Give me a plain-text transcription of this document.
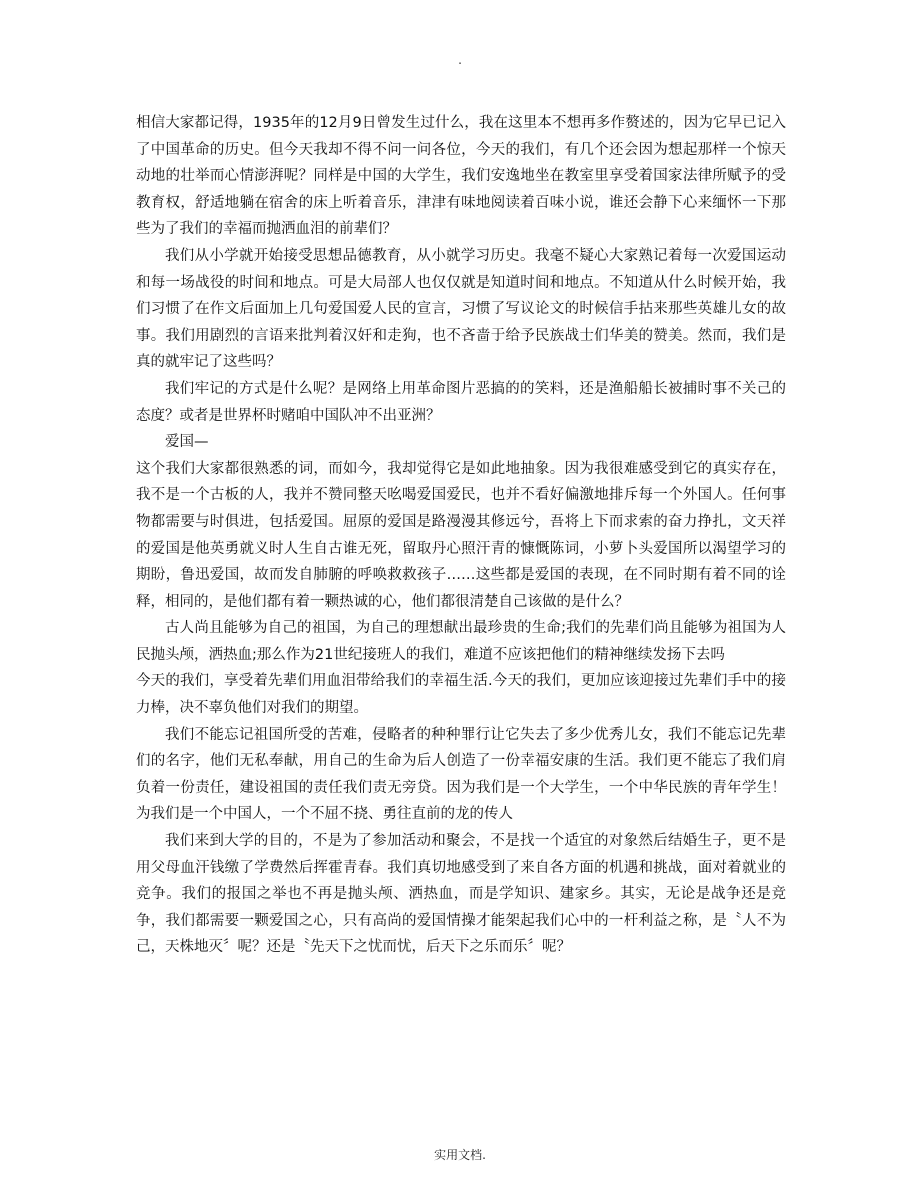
.

相信大家都记得，1935年的12月9日曾发生过什么，我在这里本不想再多作赘述的，因为它早已记入了中国革命的历史。但今天我却不得不问一问各位，今天的我们，有几个还会因为想起那样一个惊天动地的壮举而心情澎湃呢？同样是中国的大学生，我们安逸地坐在教室里享受着国家法律所赋予的受教育权，舒适地躺在宿舍的床上听着音乐，津津有味地阅读着百味小说，谁还会静下心来缅怀一下那些为了我们的幸福而抛洒血泪的前辈们？

我们从小学就开始接受思想品德教育，从小就学习历史。我毫不疑心大家熟记着每一次爱国运动和每一场战役的时间和地点。可是大局部人也仅仅就是知道时间和地点。不知道从什么时候开始，我们习惯了在作文后面加上几句爱国爱人民的宣言，习惯了写议论文的时候信手拈来那些英雄儿女的故事。我们用剧烈的言语来批判着汉奸和走狗，也不吝啬于给予民族战士们华美的赞美。然而，我们是真的就牢记了这些吗？

我们牢记的方式是什么呢？是网络上用革命图片恶搞的的笑料，还是渔船船长被捕时事不关己的态度？或者是世界杯时赌咱中国队冲不出亚洲？

爱国—

这个我们大家都很熟悉的词，而如今，我却觉得它是如此地抽象。因为我很难感受到它的真实存在，我不是一个古板的人，我并不赞同整天吆喝爱国爱民，也并不看好偏激地排斥每一个外国人。任何事物都需要与时俱进，包括爱国。屈原的爱国是路漫漫其修远兮，吾将上下而求索的奋力挣扎，文天祥的爱国是他英勇就义时人生自古谁无死，留取丹心照汗青的慷慨陈词，小萝卜头爱国所以渴望学习的期盼，鲁迅爱国，故而发自肺腑的呼唤救救孩子……这些都是爱国的表现，在不同时期有着不同的诠释，相同的，是他们都有着一颗热诚的心，他们都很清楚自己该做的是什么？

古人尚且能够为自己的祖国，为自己的理想献出最珍贵的生命;我们的先辈们尚且能够为祖国为人民抛头颅，洒热血;那么作为21世纪接班人的我们，难道不应该把他们的精神继续发扬下去吗

今天的我们，享受着先辈们用血泪带给我们的幸福生活.今天的我们，更加应该迎接过先辈们手中的接力棒，决不辜负他们对我们的期望。

我们不能忘记祖国所受的苦难，侵略者的种种罪行让它失去了多少优秀儿女，我们不能忘记先辈们的名字，他们无私奉献，用自己的生命为后人创造了一份幸福安康的生活。我们更不能忘了我们肩负着一份责任，建设祖国的责任我们责无旁贷。因为我们是一个大学生，一个中华民族的青年学生！为我们是一个中国人，一个不屈不挠、勇往直前的龙的传人

我们来到大学的目的，不是为了参加活动和聚会，不是找一个适宜的对象然后结婚生子，更不是用父母血汗钱缴了学费然后挥霍青春。我们真切地感受到了来自各方面的机遇和挑战，面对着就业的竞争。我们的报国之举也不再是抛头颅、洒热血，而是学知识、建家乡。其实，无论是战争还是竞争，我们都需要一颗爱国之心，只有高尚的爱国情操才能架起我们心中的一杆利益之称，是〝人不为己，天株地灭〞呢？还是〝先天下之忧而忧，后天下之乐而乐〞呢？

实用文档.
